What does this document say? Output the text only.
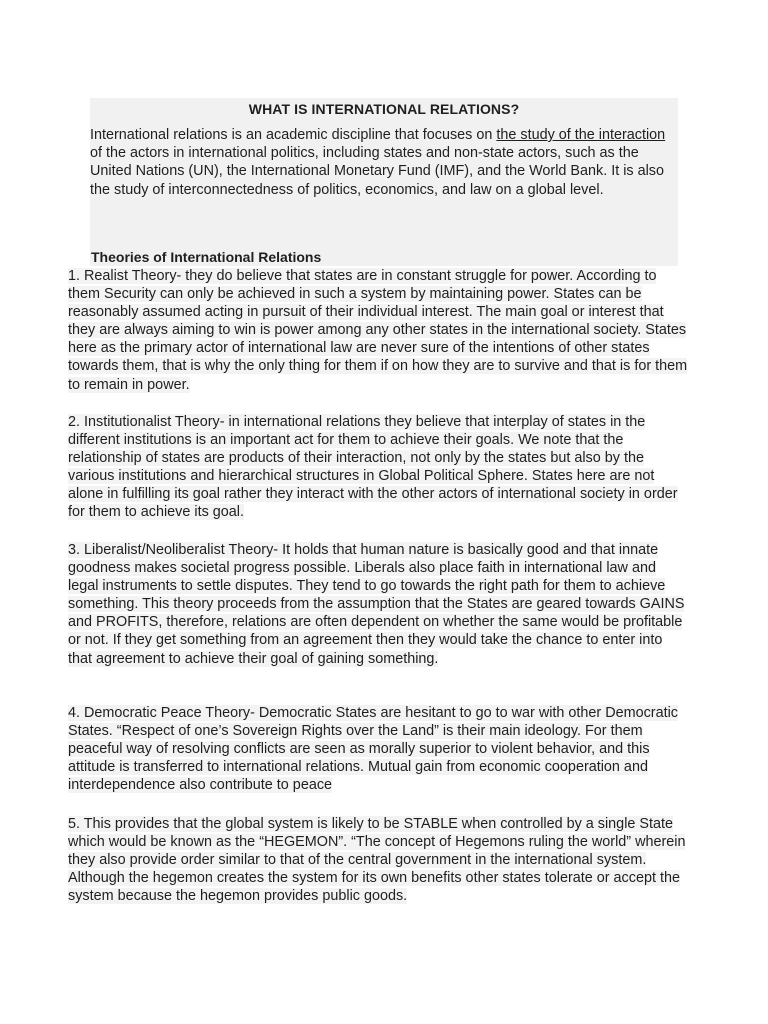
WHAT IS INTERNATIONAL RELATIONS?
International relations is an academic discipline that focuses on the study of the interaction of the actors in international politics, including states and non-state actors, such as the United Nations (UN), the International Monetary Fund (IMF), and the World Bank. It is also the study of interconnectedness of politics, economics, and law on a global level.
Theories of International Relations
1. Realist Theory- they do believe that states are in constant struggle for power. According to them Security can only be achieved in such a system by maintaining power. States can be reasonably assumed acting in pursuit of their individual interest. The main goal or interest that they are always aiming to win is power among any other states in the international society. States here as the primary actor of international law are never sure of the intentions of other states towards them, that is why the only thing for them if on how they are to survive and that is for them to remain in power.
2. Institutionalist Theory- in international relations they believe that interplay of states in the different institutions is an important act for them to achieve their goals. We note that the relationship of states are products of their interaction, not only by the states but also by the various institutions and hierarchical structures in Global Political Sphere. States here are not alone in fulfilling its goal rather they interact with the other actors of international society in order for them to achieve its goal.
3. Liberalist/Neoliberalist Theory- It holds that human nature is basically good and that innate goodness makes societal progress possible. Liberals also place faith in international law and legal instruments to settle disputes. They tend to go towards the right path for them to achieve something. This theory proceeds from the assumption that the States are geared towards GAINS and PROFITS, therefore, relations are often dependent on whether the same would be profitable or not. If they get something from an agreement then they would take the chance to enter into that agreement to achieve their goal of gaining something.
4. Democratic Peace Theory- Democratic States are hesitant to go to war with other Democratic States. “Respect of one’s Sovereign Rights over the Land” is their main ideology. For them peaceful way of resolving conflicts are seen as morally superior to violent behavior, and this attitude is transferred to international relations. Mutual gain from economic cooperation and interdependence also contribute to peace
5. This provides that the global system is likely to be STABLE when controlled by a single State which would be known as the “HEGEMON”. “The concept of Hegemons ruling the world” wherein they also provide order similar to that of the central government in the international system. Although the hegemon creates the system for its own benefits other states tolerate or accept the system because the hegemon provides public goods.
